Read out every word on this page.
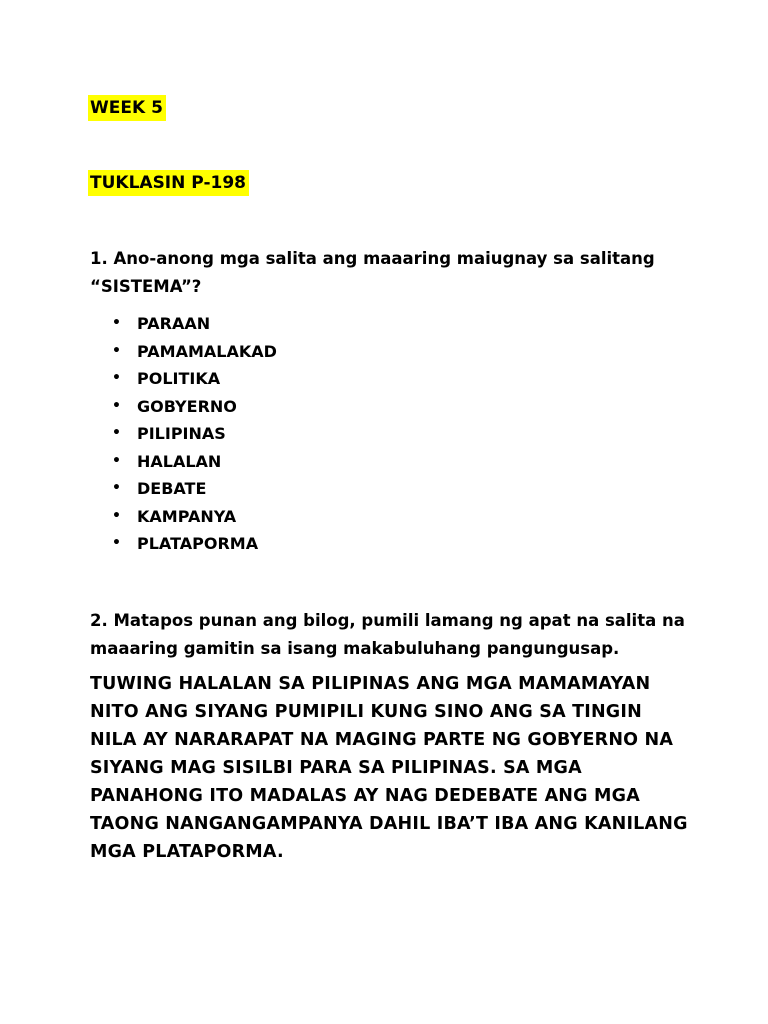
WEEK 5
TUKLASIN P-198

1. Ano-anong mga salita ang maaaring maiugnay sa salitang “SISTEMA”?

• PARAAN
• PAMAMALAKAD
• POLITIKA
• GOBYERNO
• PILIPINAS
• HALALAN
• DEBATE
• KAMPANYA
• PLATAPORMA

2. Matapos punan ang bilog, pumili lamang ng apat na salita na maaaring gamitin sa isang makabuluhang pangungusap.

TUWING HALALAN SA PILIPINAS ANG MGA MAMAMAYAN NITO ANG SIYANG PUMIPILI KUNG SINO ANG SA TINGIN NILA AY NARARAPAT NA MAGING PARTE NG GOBYERNO NA SIYANG MAG SISILBI PARA SA PILIPINAS. SA MGA PANAHONG ITO MADALAS AY NAG DEDEBATE ANG MGA TAONG NANGANGAMPANYA DAHIL IBA’T IBA ANG KANILANG MGA PLATAPORMA.
